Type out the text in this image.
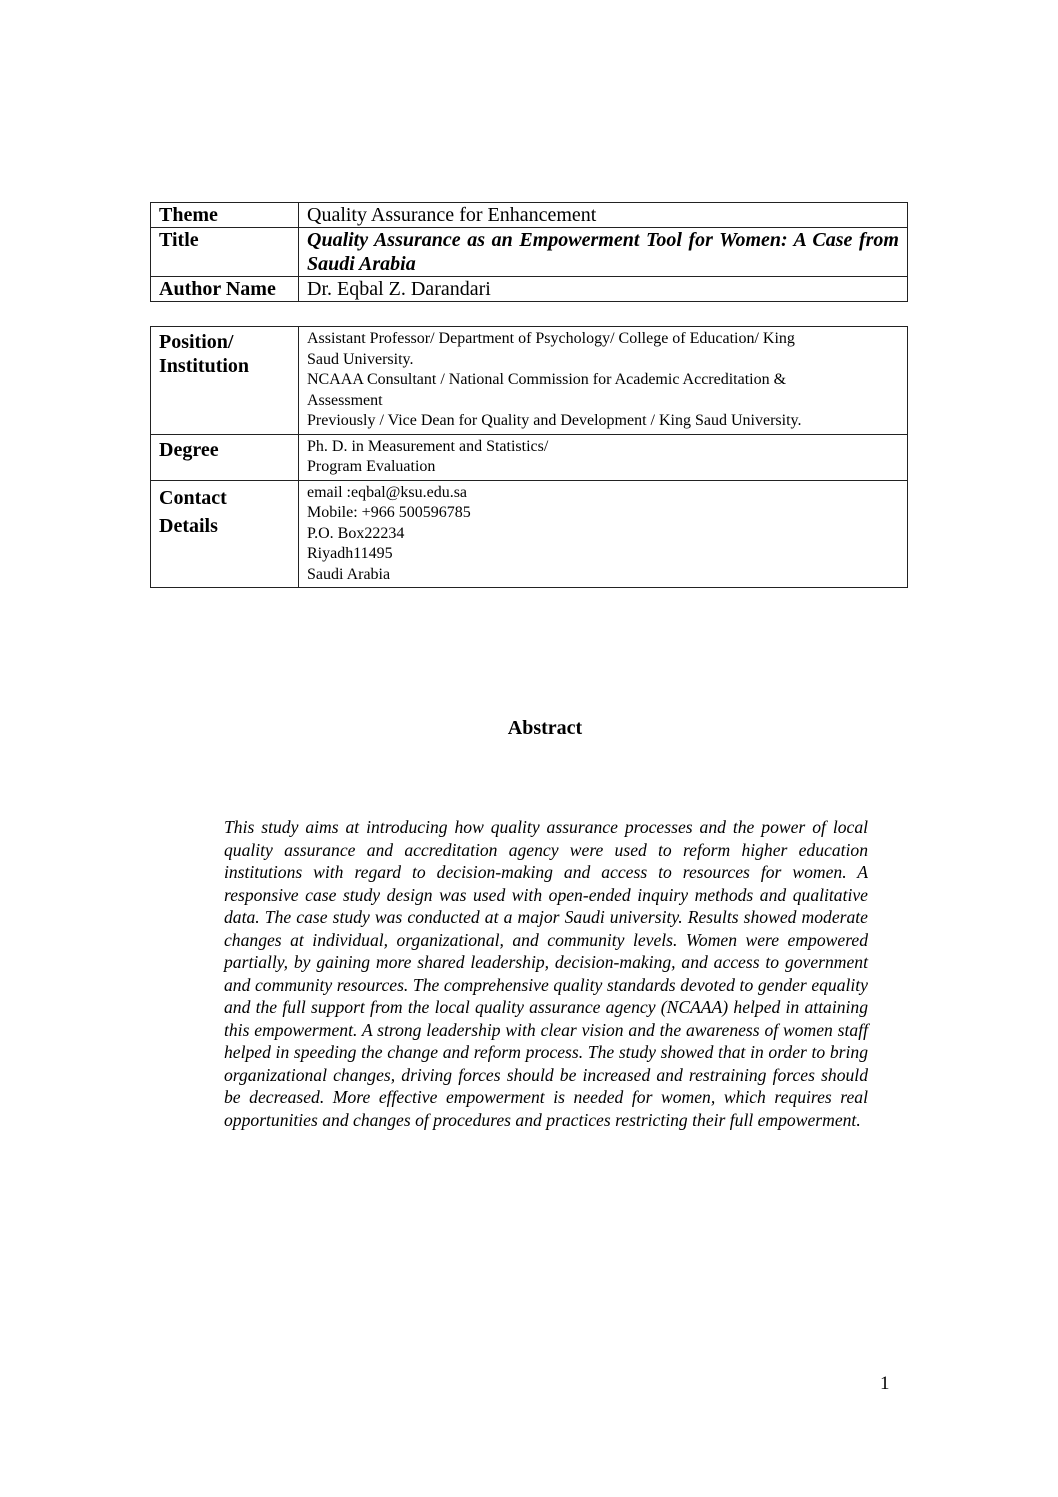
Theme	Quality Assurance for Enhancement
Title	Quality Assurance as an Empowerment Tool for Women: A Case from Saudi Arabia
Author Name	Dr. Eqbal Z. Darandari
Position/
Institution	Assistant Professor/ Department of Psychology/ College of Education/ King
Saud University.
NCAAA Consultant / National Commission for Academic Accreditation &
Assessment
Previously / Vice Dean for Quality and Development / King Saud University.

Degree	Ph. D. in Measurement and Statistics/
Program Evaluation

Contact
Details	email :eqbal@ksu.edu.sa
Mobile: +966 500596785
P.O. Box22234
Riyadh11495
Saudi Arabia
Abstract

This study aims at introducing how quality assurance processes and the power of local quality assurance and accreditation agency were used to reform higher education institutions with regard to decision-making and access to resources for women. A responsive case study design was used with open-ended inquiry methods and qualitative data. The case study was conducted at a major Saudi university. Results showed moderate changes at individual, organizational, and community levels. Women were empowered partially, by gaining more shared leadership, decision-making, and access to government and community resources. The comprehensive quality standards devoted to gender equality and the full support from the local quality assurance agency (NCAAA) helped in attaining this empowerment. A strong leadership with clear vision and the awareness of women staff helped in speeding the change and reform process. The study showed that in order to bring organizational changes, driving forces should be increased and restraining forces should be decreased. More effective empowerment is needed for women, which requires real opportunities and changes of procedures and practices restricting their full empowerment.

1
